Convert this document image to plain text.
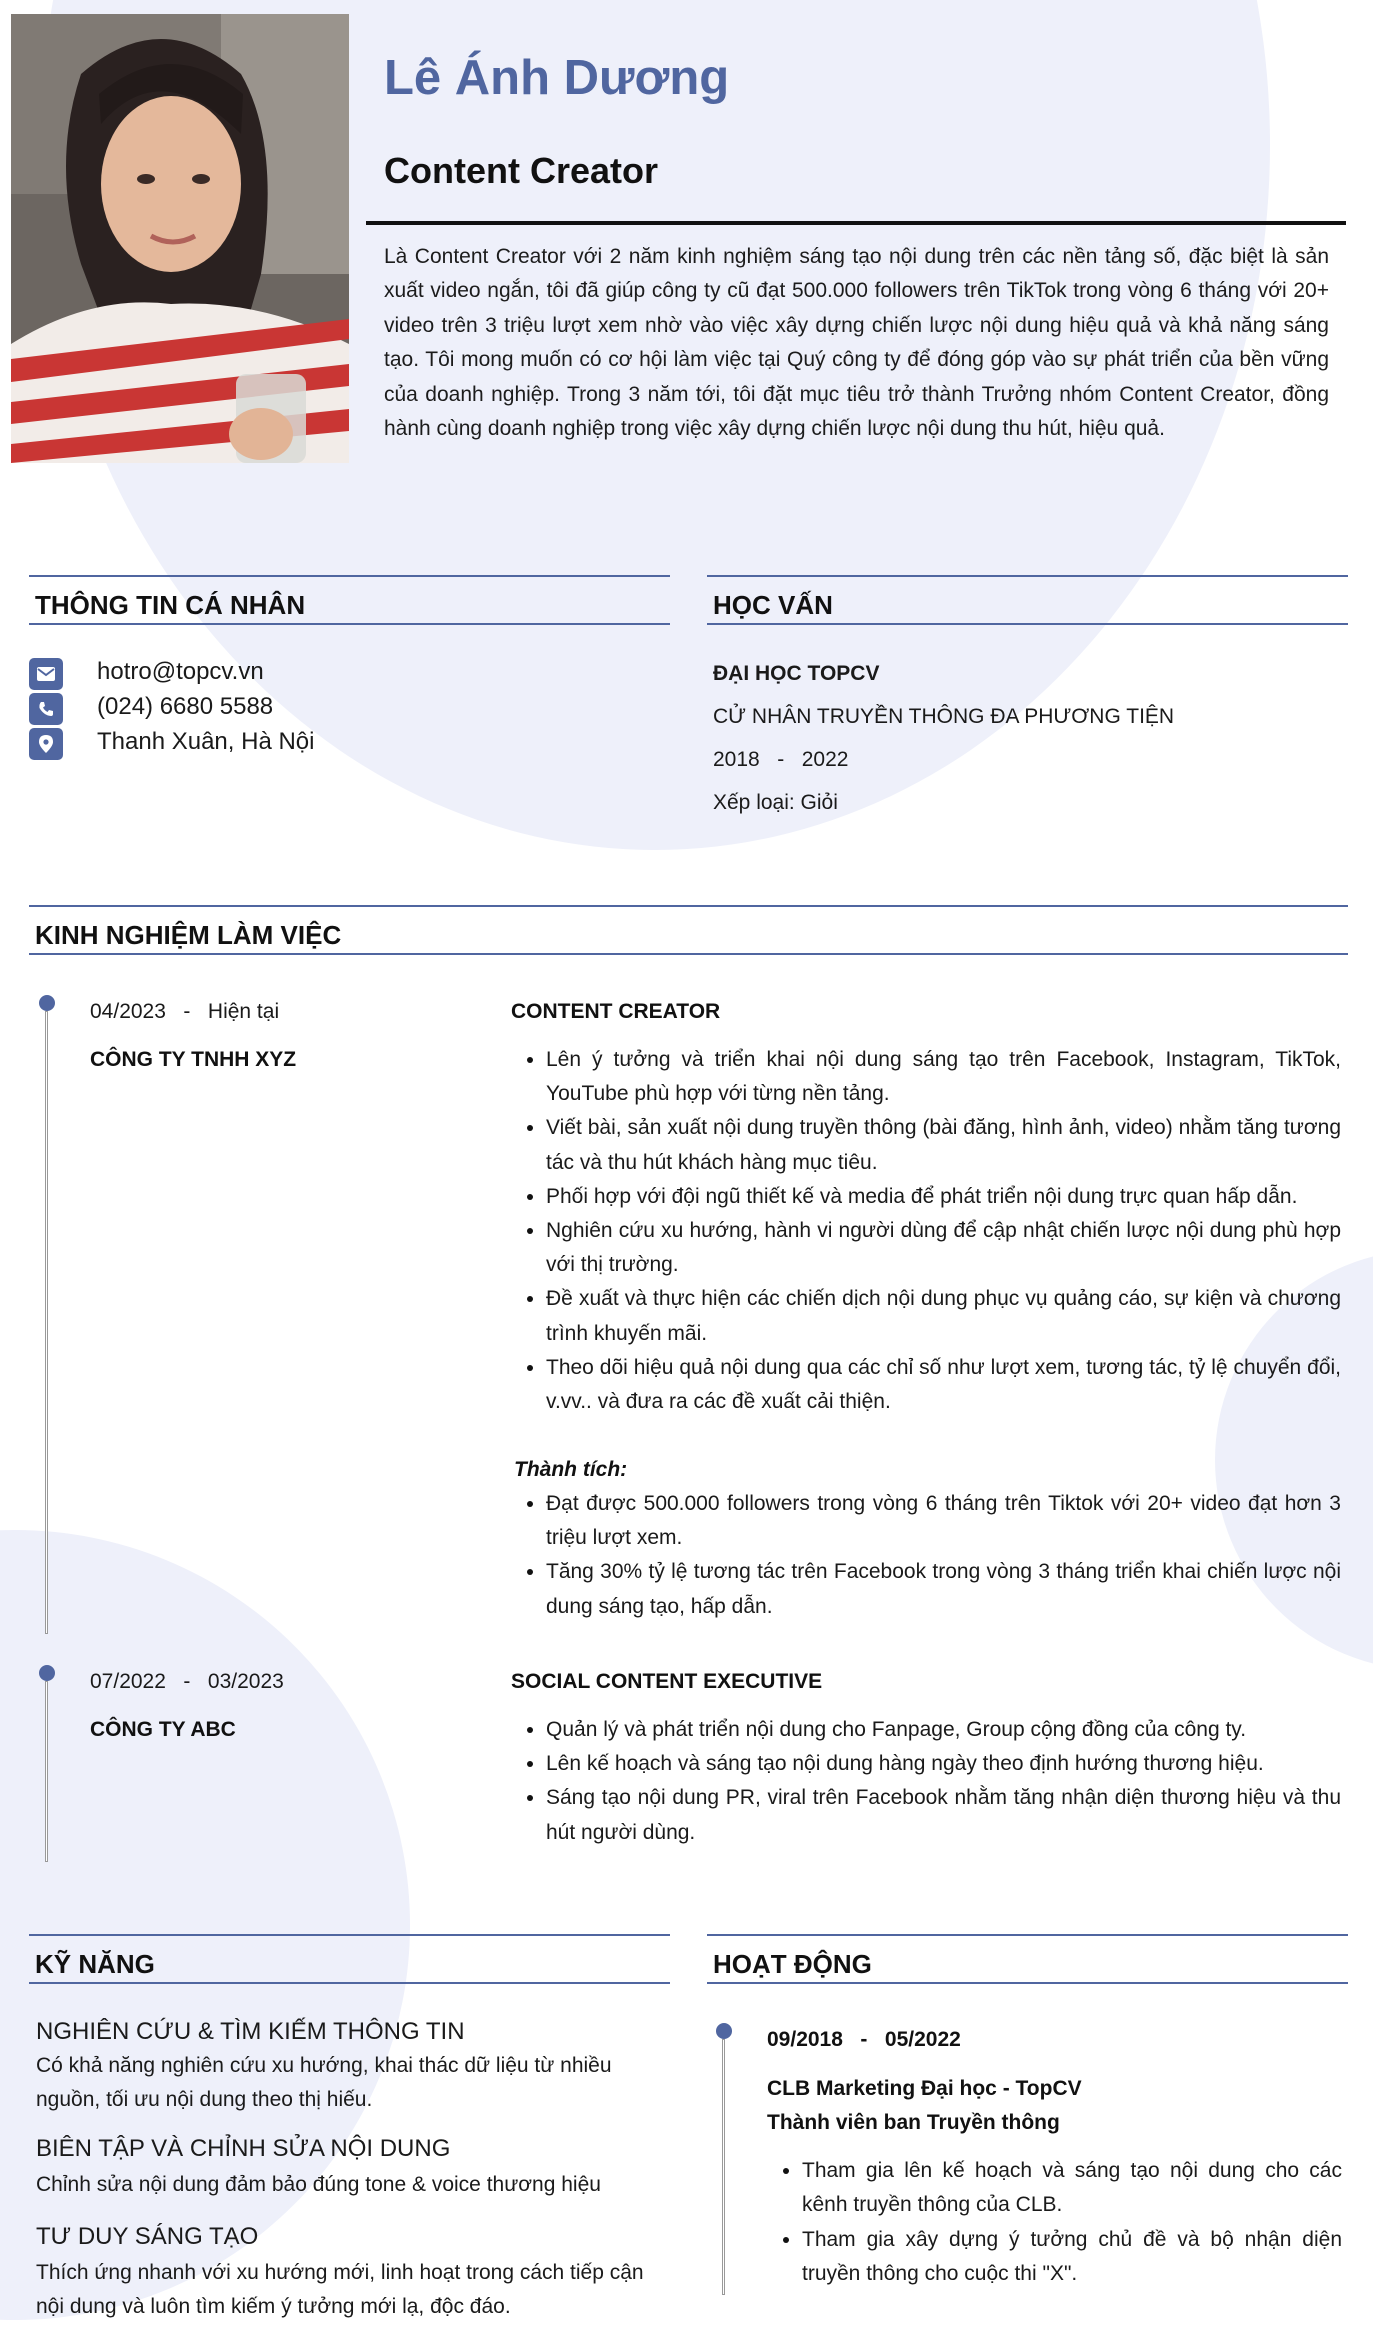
Lê Ánh Dương
Content Creator
Là Content Creator với 2 năm kinh nghiệm sáng tạo nội dung trên các nền tảng số, đặc biệt là sản xuất video ngắn, tôi đã giúp công ty cũ đạt 500.000 followers trên TikTok trong vòng 6 tháng với 20+ video trên 3 triệu lượt xem nhờ vào việc xây dựng chiến lược nội dung hiệu quả và khả năng sáng tạo. Tôi mong muốn có cơ hội làm việc tại Quý công ty để đóng góp vào sự phát triển của bền vững của doanh nghiệp. Trong 3 năm tới, tôi đặt mục tiêu trở thành Trưởng nhóm Content Creator, đồng hành cùng doanh nghiệp trong việc xây dựng chiến lược nội dung thu hút, hiệu quả.
THÔNG TIN CÁ NHÂN
hotro@topcv.vn
(024) 6680 5588
Thanh Xuân, Hà Nội
HỌC VẤN
ĐẠI HỌC TOPCV
CỬ NHÂN TRUYỀN THÔNG ĐA PHƯƠNG TIỆN
2018   -   2022
Xếp loại: Giỏi
KINH NGHIỆM LÀM VIỆC
04/2023   -   Hiện tại
CÔNG TY TNHH XYZ
CONTENT CREATOR
Lên ý tưởng và triển khai nội dung sáng tạo trên Facebook, Instagram, TikTok, YouTube phù hợp với từng nền tảng.
Viết bài, sản xuất nội dung truyền thông (bài đăng, hình ảnh, video) nhằm tăng tương tác và thu hút khách hàng mục tiêu.
Phối hợp với đội ngũ thiết kế và media để phát triển nội dung trực quan hấp dẫn.
Nghiên cứu xu hướng, hành vi người dùng để cập nhật chiến lược nội dung phù hợp với thị trường.
Đề xuất và thực hiện các chiến dịch nội dung phục vụ quảng cáo, sự kiện và chương trình khuyến mãi.
Theo dõi hiệu quả nội dung qua các chỉ số như lượt xem, tương tác, tỷ lệ chuyển đổi, v.vv.. và đưa ra các đề xuất cải thiện.
Thành tích:
Đạt được 500.000 followers trong vòng 6 tháng trên Tiktok với 20+ video đạt hơn 3 triệu lượt xem.
Tăng 30% tỷ lệ tương tác trên Facebook trong vòng 3 tháng triển khai chiến lược nội dung sáng tạo, hấp dẫn.
07/2022   -   03/2023
CÔNG TY ABC
SOCIAL CONTENT EXECUTIVE
Quản lý và phát triển nội dung cho Fanpage, Group cộng đồng của công ty.
Lên kế hoạch và sáng tạo nội dung hàng ngày theo định hướng thương hiệu.
Sáng tạo nội dung PR, viral trên Facebook nhằm tăng nhận diện thương hiệu và thu hút người dùng.
KỸ NĂNG
NGHIÊN CỨU & TÌM KIẾM THÔNG TIN
Có khả năng nghiên cứu xu hướng, khai thác dữ liệu từ nhiều nguồn, tối ưu nội dung theo thị hiếu.
BIÊN TẬP VÀ CHỈNH SỬA NỘI DUNG
Chỉnh sửa nội dung đảm bảo đúng tone & voice thương hiệu
TƯ DUY SÁNG TẠO
Thích ứng nhanh với xu hướng mới, linh hoạt trong cách tiếp cận nội dung và luôn tìm kiếm ý tưởng mới lạ, độc đáo.
HOẠT ĐỘNG
09/2018   -   05/2022
CLB Marketing Đại học - TopCV
Thành viên ban Truyền thông
Tham gia lên kế hoạch và sáng tạo nội dung cho các kênh truyền thông của CLB.
Tham gia xây dựng ý tưởng chủ đề và bộ nhận diện truyền thông cho cuộc thi "X".
